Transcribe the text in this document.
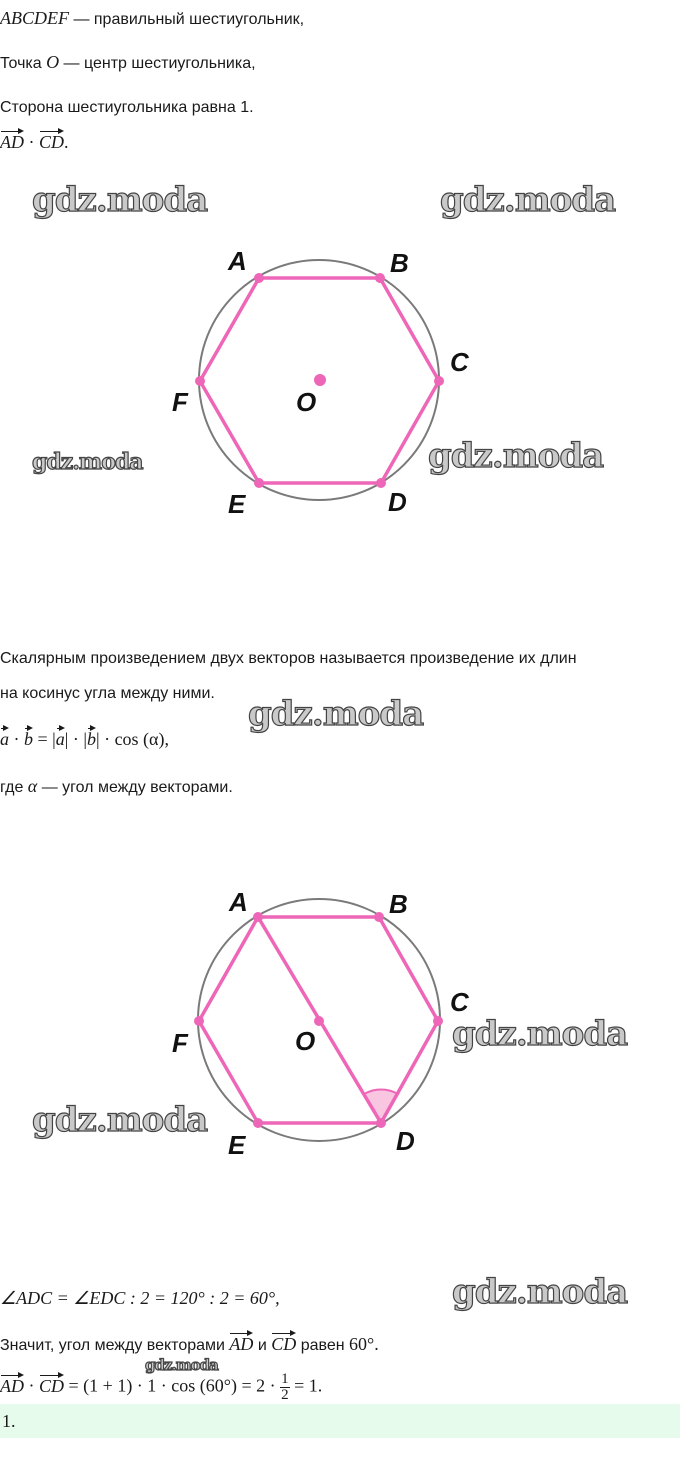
ABCDEF — правильный шестиугольник,
Точка O — центр шестиугольника,
Сторона шестиугольника равна 1.
AD · CD.
A	B
C
D
E
F	O
Скалярным произведением двух векторов называется произведение их длин
на косинус угла между ними.
a · b = |a| · |b| · cos (α),
где α — угол между векторами.
A	B
C
D
E
F	O
∠ADC = ∠EDC : 2 = 120° : 2 = 60°,
Значит, угол между векторами AD и CD равен 60°.
AD · CD = $(1 + 1) \cdot 1 \cdot \cos (60^\circ) = 2 \cdot \frac{1}{2} = 1$.
1.
gdz.moda	gdz.moda
gdz.moda	gdz.moda
gdz.moda
gdz.moda
gdz.moda
gdz.moda
gdz.moda
